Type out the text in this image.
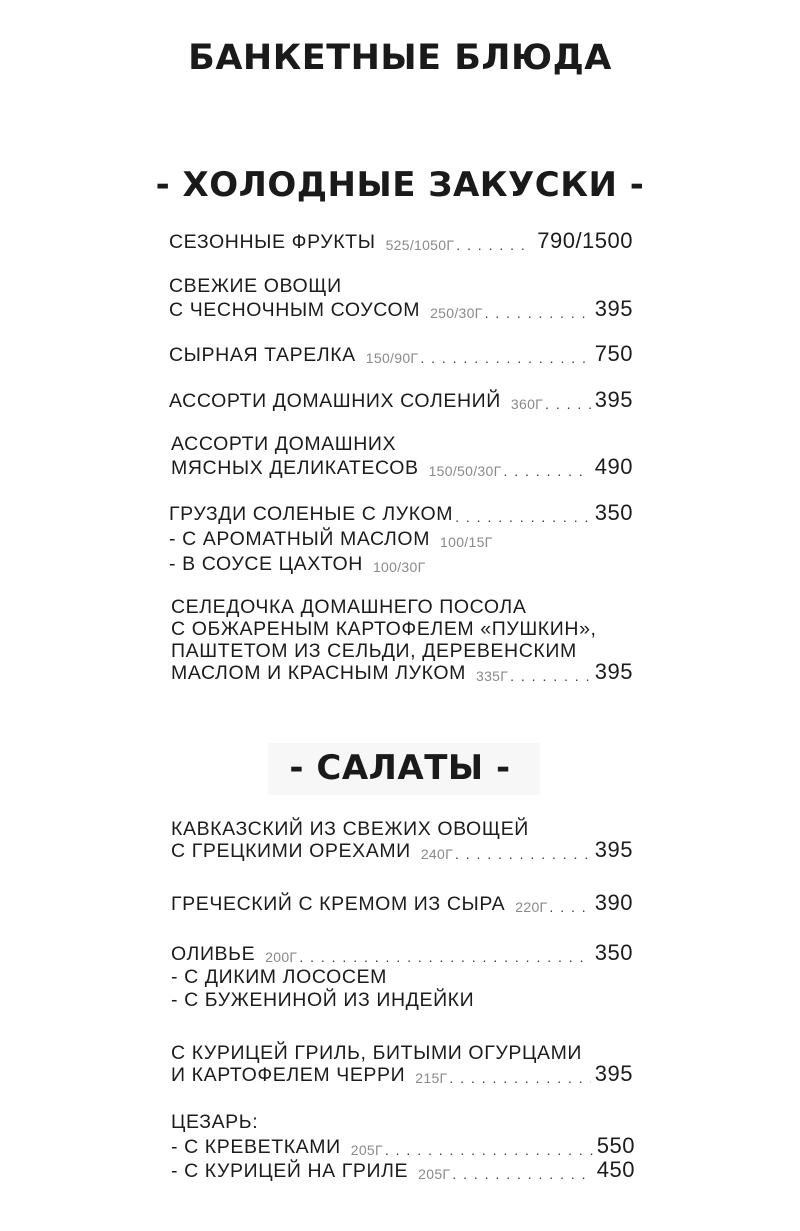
БАНКЕТНЫЕ БЛЮДА
- ХОЛОДНЫЕ ЗАКУСКИ -
СЕЗОННЫЕ ФРУКТЫ 525/1050Г . . .	790/1500
СВЕЖИЕ ОВОЩИ
С ЧЕСНОЧНЫМ СОУСОМ 250/30Г . . .	395
СЫРНАЯ ТАРЕЛКА 150/90Г . . .	750
АССОРТИ ДОМАШНИХ СОЛЕНИЙ 360Г . . . 395
АССОРТИ ДОМАШНИХ
МЯСНЫХ ДЕЛИКАТЕСОВ 150/50/30Г . . .	490
ГРУЗДИ СОЛЕНЫЕ С ЛУКОМ . . .	350
- С АРОМАТНЫЙ МАСЛОМ 100/15Г
- В СОУСЕ ЦАХТОН 100/30Г
СЕЛЕДОЧКА ДОМАШНЕГО ПОСОЛА
С ОБЖАРЕНЫМ КАРТОФЕЛЕМ «ПУШКИН»,
ПАШТЕТОМ ИЗ СЕЛЬДИ, ДЕРЕВЕНСКИМ
МАСЛОМ И КРАСНЫМ ЛУКОМ 335Г . . .	395
- САЛАТЫ -
КАВКАЗСКИЙ ИЗ СВЕЖИХ ОВОЩЕЙ
С ГРЕЦКИМИ ОРЕХАМИ 240Г . . .	395
ГРЕЧЕСКИЙ С КРЕМОМ ИЗ СЫРА 220Г . . . 390
ОЛИВЬЕ 200Г . . .	350
- С ДИКИМ ЛОСОСЕМ
- С БУЖЕНИНОЙ ИЗ ИНДЕЙКИ
С КУРИЦЕЙ ГРИЛЬ, БИТЫМИ ОГУРЦАМИ
И КАРТОФЕЛЕМ ЧЕРРИ 215Г . . .	395
ЦЕЗАРЬ:
- С КРЕВЕТКАМИ 205Г . . .	550
- С КУРИЦЕЙ НА ГРИЛЕ 205Г . . .	450
